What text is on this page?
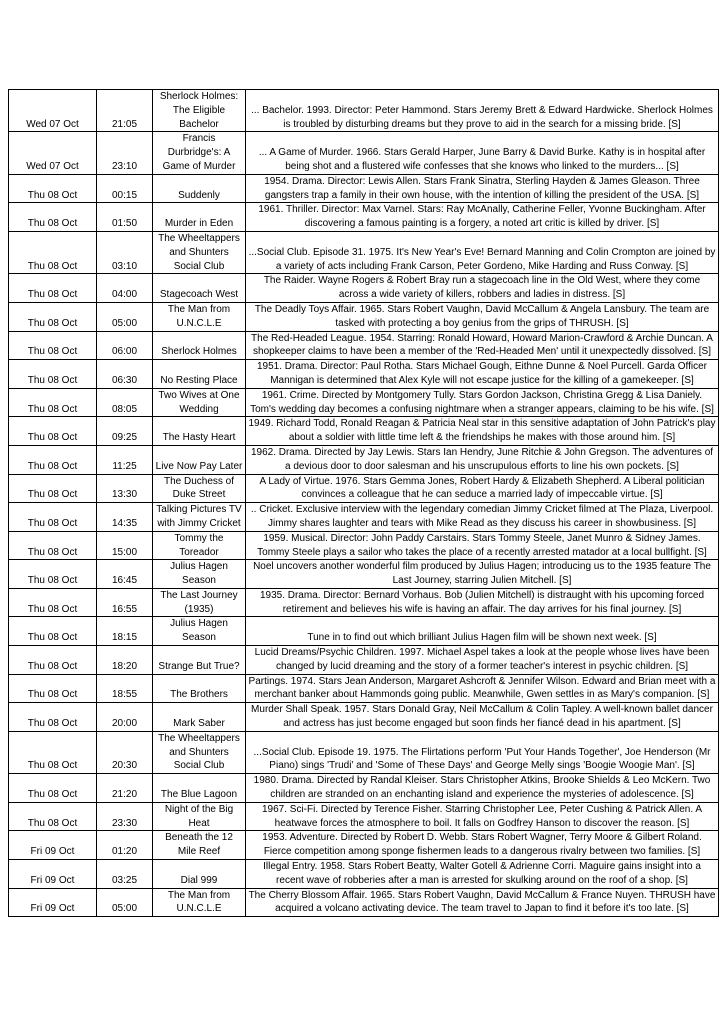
Wed 07 Oct	21:05	Sherlock Holmes: The Eligible Bachelor	... Bachelor. 1993. Director: Peter Hammond. Stars Jeremy Brett & Edward Hardwicke. Sherlock Holmes is troubled by disturbing dreams but they prove to aid in the search for a missing bride. [S]
Wed 07 Oct	23:10	Francis Durbridge's: A Game of Murder	... A Game of Murder. 1966. Stars Gerald Harper, June Barry & David Burke. Kathy is in hospital after being shot and a flustered wife confesses that she knows who linked to the murders... [S]
Thu 08 Oct	00:15	Suddenly	1954. Drama. Director: Lewis Allen. Stars Frank Sinatra, Sterling Hayden & James Gleason. Three gangsters trap a family in their own house, with the intention of killing the president of the USA. [S]
Thu 08 Oct	01:50	Murder in Eden	1961. Thriller. Director: Max Varnel. Stars: Ray McAnally, Catherine Feller, Yvonne Buckingham. After discovering a famous painting is a forgery, a noted art critic is killed by driver. [S]
Thu 08 Oct	03:10	The Wheeltappers and Shunters Social Club	...Social Club. Episode 31. 1975. It's New Year's Eve! Bernard Manning and Colin Crompton are joined by a variety of acts including Frank Carson, Peter Gordeno, Mike Harding and Russ Conway. [S]
Thu 08 Oct	04:00	Stagecoach West	The Raider. Wayne Rogers & Robert Bray run a stagecoach line in the Old West, where they come across a wide variety of killers, robbers and ladies in distress. [S]
Thu 08 Oct	05:00	The Man from U.N.C.L.E	The Deadly Toys Affair. 1965. Stars Robert Vaughn, David McCallum & Angela Lansbury. The team are tasked with protecting a boy genius from the grips of THRUSH. [S]
Thu 08 Oct	06:00	Sherlock Holmes	The Red-Headed League. 1954. Starring: Ronald Howard, Howard Marion-Crawford & Archie Duncan. A shopkeeper claims to have been a member of the 'Red-Headed Men' until it unexpectedly dissolved. [S]
Thu 08 Oct	06:30	No Resting Place	1951. Drama. Director: Paul Rotha. Stars Michael Gough, Eithne Dunne & Noel Purcell. Garda Officer Mannigan is determined that Alex Kyle will not escape justice for the killing of a gamekeeper. [S]
Thu 08 Oct	08:05	Two Wives at One Wedding	1961. Crime. Directed by Montgomery Tully. Stars Gordon Jackson, Christina Gregg & Lisa Daniely. Tom's wedding day becomes a confusing nightmare when a stranger appears, claiming to be his wife. [S]
Thu 08 Oct	09:25	The Hasty Heart	1949. Richard Todd, Ronald Reagan & Patricia Neal star in this sensitive adaptation of John Patrick's play about a soldier with little time left & the friendships he makes with those around him. [S]
Thu 08 Oct	11:25	Live Now Pay Later	1962. Drama. Directed by Jay Lewis. Stars Ian Hendry, June Ritchie & John Gregson. The adventures of a devious door to door salesman and his unscrupulous efforts to line his own pockets. [S]
Thu 08 Oct	13:30	The Duchess of Duke Street	A Lady of Virtue. 1976. Stars Gemma Jones, Robert Hardy & Elizabeth Shepherd. A Liberal politician convinces a colleague that he can seduce a married lady of impeccable virtue. [S]
Thu 08 Oct	14:35	Talking Pictures TV with Jimmy Cricket	.. Cricket. Exclusive interview with the legendary comedian Jimmy Cricket filmed at The Plaza, Liverpool. Jimmy shares laughter and tears with Mike Read as they discuss his career in showbusiness. [S]
Thu 08 Oct	15:00	Tommy the Toreador	1959. Musical. Director: John Paddy Carstairs. Stars Tommy Steele, Janet Munro & Sidney James. Tommy Steele plays a sailor who takes the place of a recently arrested matador at a local bullfight. [S]
Thu 08 Oct	16:45	Julius Hagen Season	Noel uncovers another wonderful film produced by Julius Hagen; introducing us to the 1935 feature The Last Journey, starring Julien Mitchell. [S]
Thu 08 Oct	16:55	The Last Journey (1935)	1935. Drama. Director: Bernard Vorhaus. Bob (Julien Mitchell) is distraught with his upcoming forced retirement and believes his wife is having an affair. The day arrives for his final journey. [S]
Thu 08 Oct	18:15	Julius Hagen Season	Tune in to find out which brilliant Julius Hagen film will be shown next week. [S]
Thu 08 Oct	18:20	Strange But True?	Lucid Dreams/Psychic Children. 1997. Michael Aspel takes a look at the people whose lives have been changed by lucid dreaming and the story of a former teacher's interest in psychic children. [S]
Thu 08 Oct	18:55	The Brothers	Partings. 1974. Stars Jean Anderson, Margaret Ashcroft & Jennifer Wilson. Edward and Brian meet with a merchant banker about Hammonds going public. Meanwhile, Gwen settles in as Mary's companion. [S]
Thu 08 Oct	20:00	Mark Saber	Murder Shall Speak. 1957. Stars Donald Gray, Neil McCallum & Colin Tapley. A well-known ballet dancer and actress has just become engaged but soon finds her fiancé dead in his apartment. [S]
Thu 08 Oct	20:30	The Wheeltappers and Shunters Social Club	...Social Club. Episode 19. 1975. The Flirtations perform 'Put Your Hands Together', Joe Henderson (Mr Piano) sings 'Trudi' and 'Some of These Days' and George Melly sings 'Boogie Woogie Man'. [S]
Thu 08 Oct	21:20	The Blue Lagoon	1980. Drama. Directed by Randal Kleiser. Stars Christopher Atkins, Brooke Shields & Leo McKern. Two children are stranded on an enchanting island and experience the mysteries of adolescence. [S]
Thu 08 Oct	23:30	Night of the Big Heat	1967. Sci-Fi. Directed by Terence Fisher. Starring Christopher Lee, Peter Cushing & Patrick Allen. A heatwave forces the atmosphere to boil. It falls on Godfrey Hanson to discover the reason. [S]
Fri 09 Oct	01:20	Beneath the 12 Mile Reef	1953. Adventure. Directed by Robert D. Webb. Stars Robert Wagner, Terry Moore & Gilbert Roland. Fierce competition among sponge fishermen leads to a dangerous rivalry between two families. [S]
Fri 09 Oct	03:25	Dial 999	Illegal Entry. 1958. Stars Robert Beatty, Walter Gotell & Adrienne Corri. Maguire gains insight into a recent wave of robberies after a man is arrested for skulking around on the roof of a shop. [S]
Fri 09 Oct	05:00	The Man from U.N.C.L.E	The Cherry Blossom Affair. 1965. Stars Robert Vaughn, David McCallum & France Nuyen. THRUSH have acquired a volcano activating device. The team travel to Japan to find it before it's too late. [S]
